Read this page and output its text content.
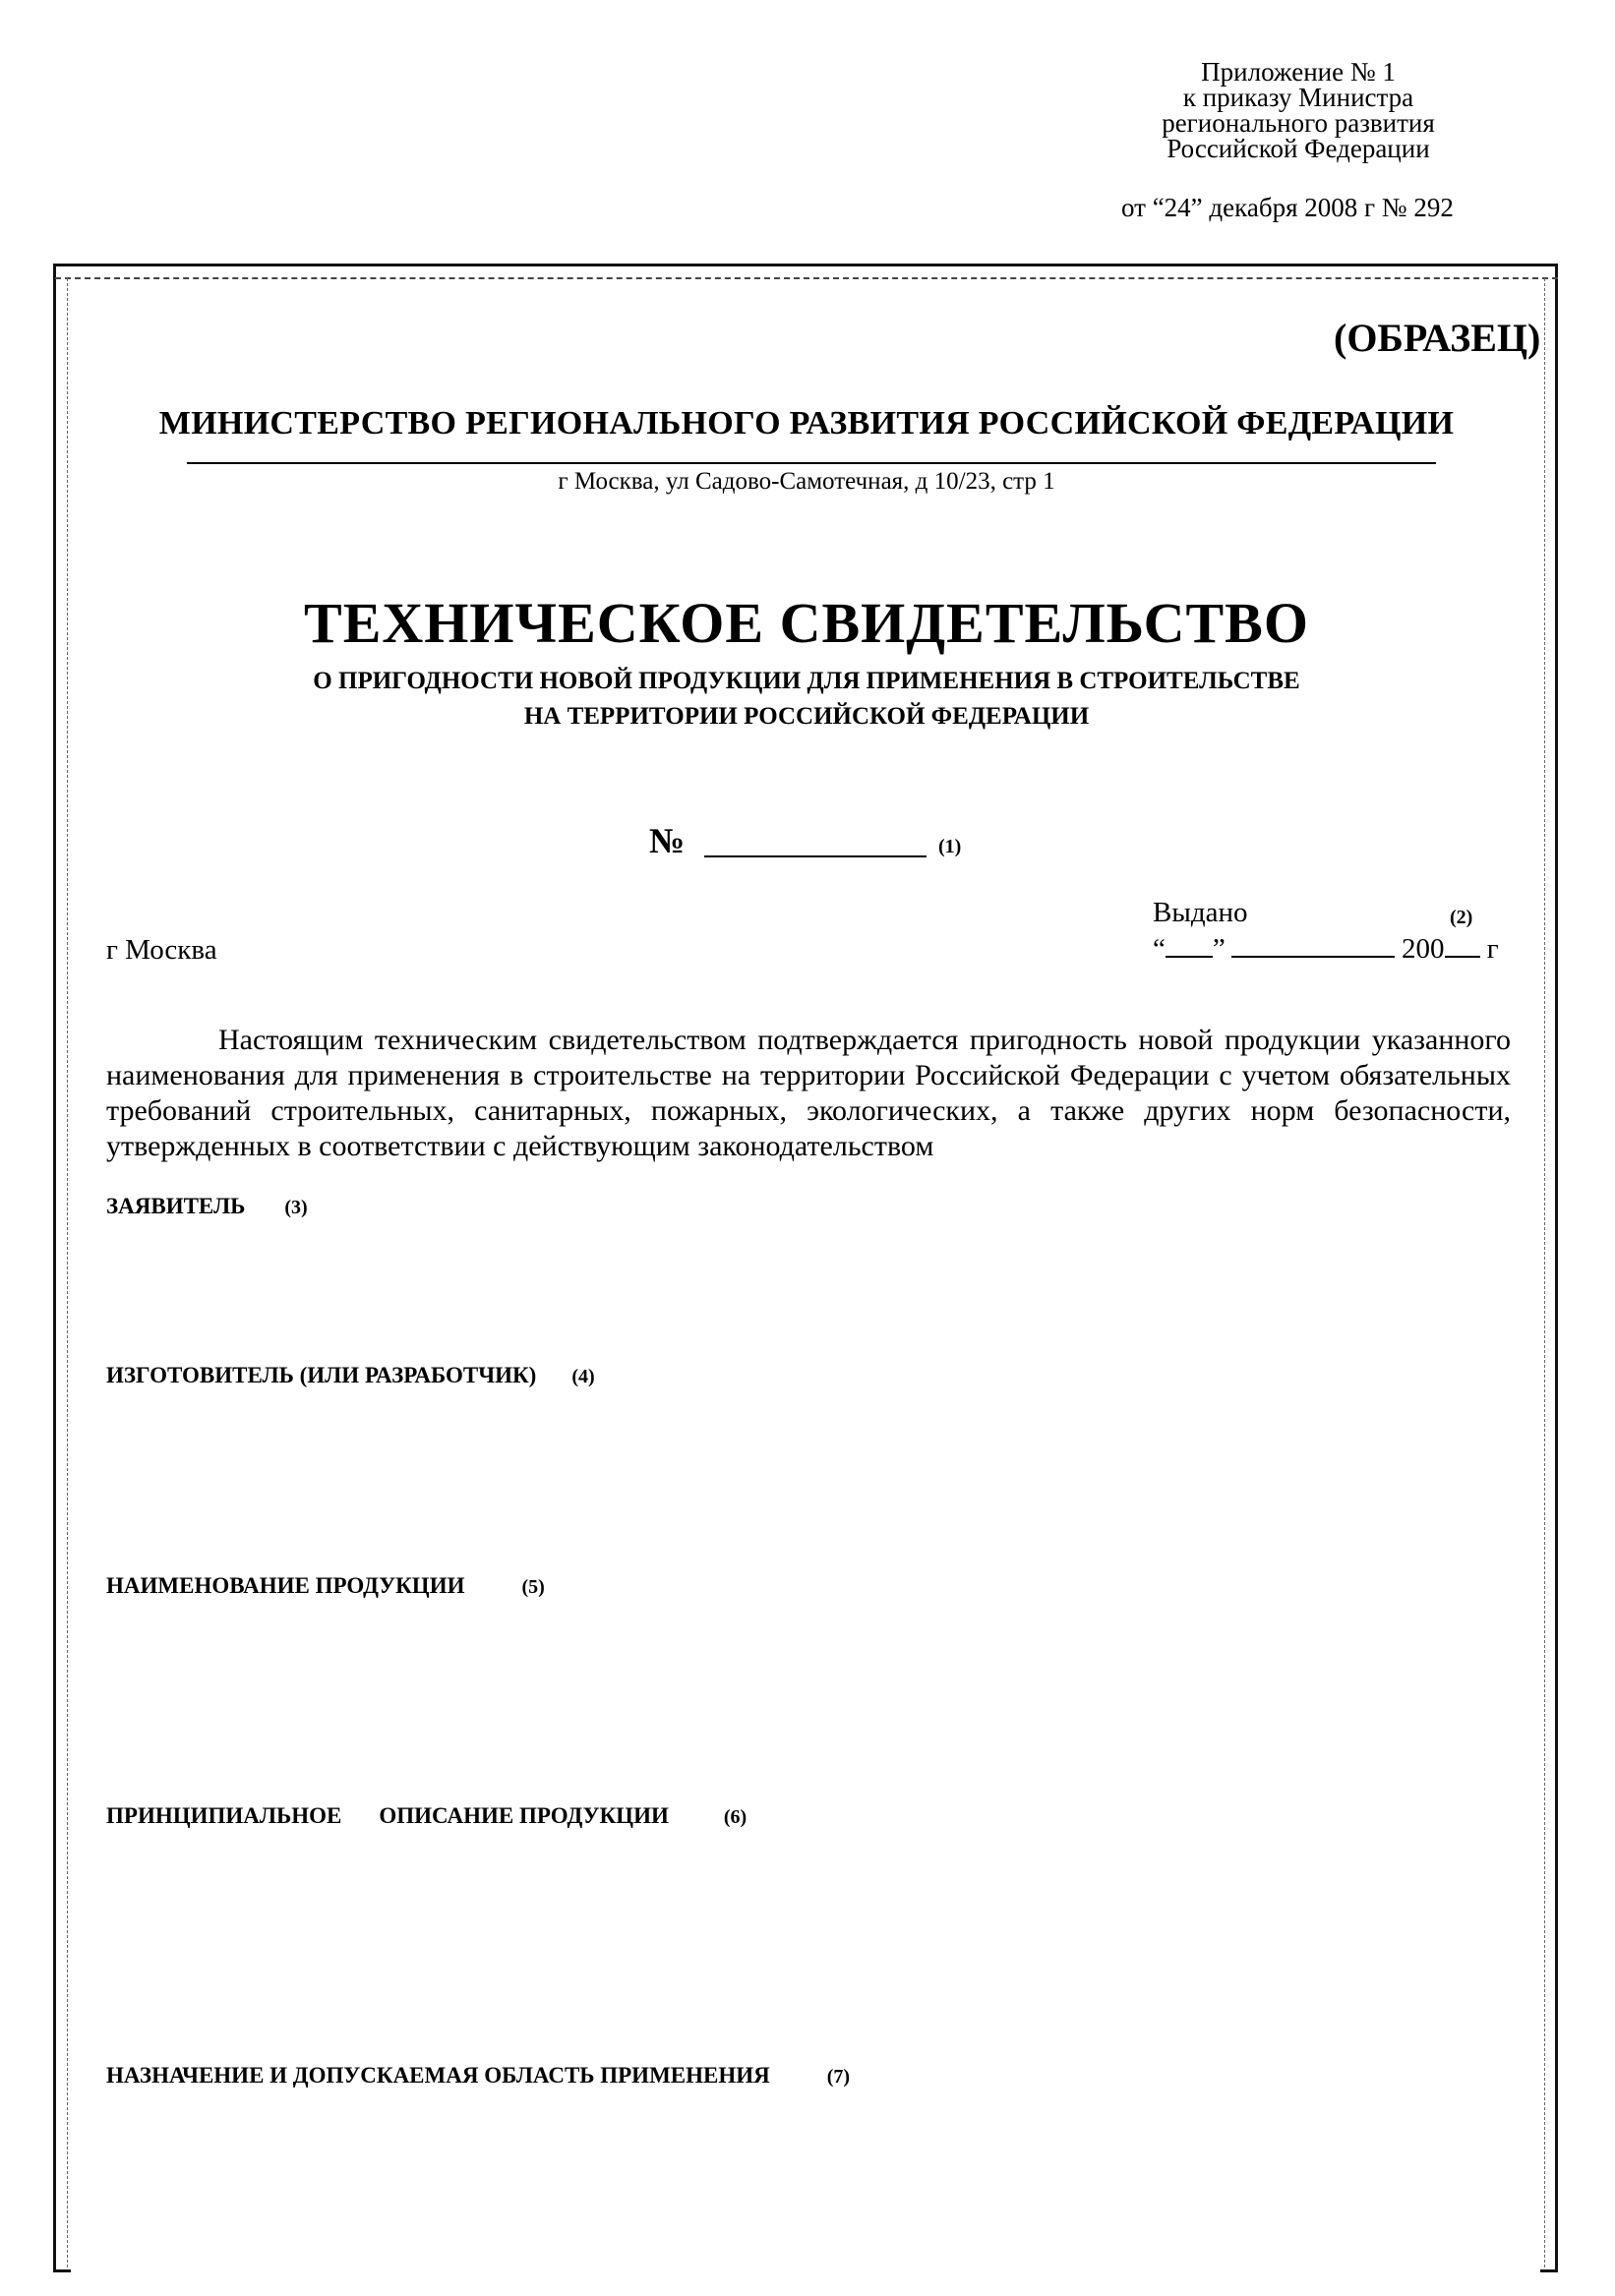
Приложение № 1
к приказу Министра
регионального развития
Российской Федерации
от “24” декабря 2008 г № 292
(ОБРАЗЕЦ)
МИНИСТЕРСТВО РЕГИОНАЛЬНОГО РАЗВИТИЯ РОССИЙСКОЙ ФЕДЕРАЦИИ
г Москва, ул Садово-Самотечная, д 10/23, стр 1
ТЕХНИЧЕСКОЕ СВИДЕТЕЛЬСТВО
О ПРИГОДНОСТИ НОВОЙ ПРОДУКЦИИ ДЛЯ ПРИМЕНЕНИЯ В СТРОИТЕЛЬСТВЕ
НА ТЕРРИТОРИИ РОССИЙСКОЙ ФЕДЕРАЦИИ
№	(1)
Выдано	(2)
г Москва	“ ”	200 г
Настоящим техническим свидетельством подтверждается пригодность новой продукции указанного наименования для применения в строительстве на территории Российской Федерации с учетом обязательных требований строительных, санитарных, пожарных, экологических, а также других норм безопасности, утвержденных в соответствии с действующим законодательством
ЗАЯВИТЕЛЬ (3)
ИЗГОТОВИТЕЛЬ (ИЛИ РАЗРАБОТЧИК) (4)
НАИМЕНОВАНИЕ ПРОДУКЦИИ	(5)
ПРИНЦИПИАЛЬНОЕ ОПИСАНИЕ ПРОДУКЦИИ	(6)
НАЗНАЧЕНИЕ И ДОПУСКАЕМАЯ ОБЛАСТЬ ПРИМЕНЕНИЯ	(7)
